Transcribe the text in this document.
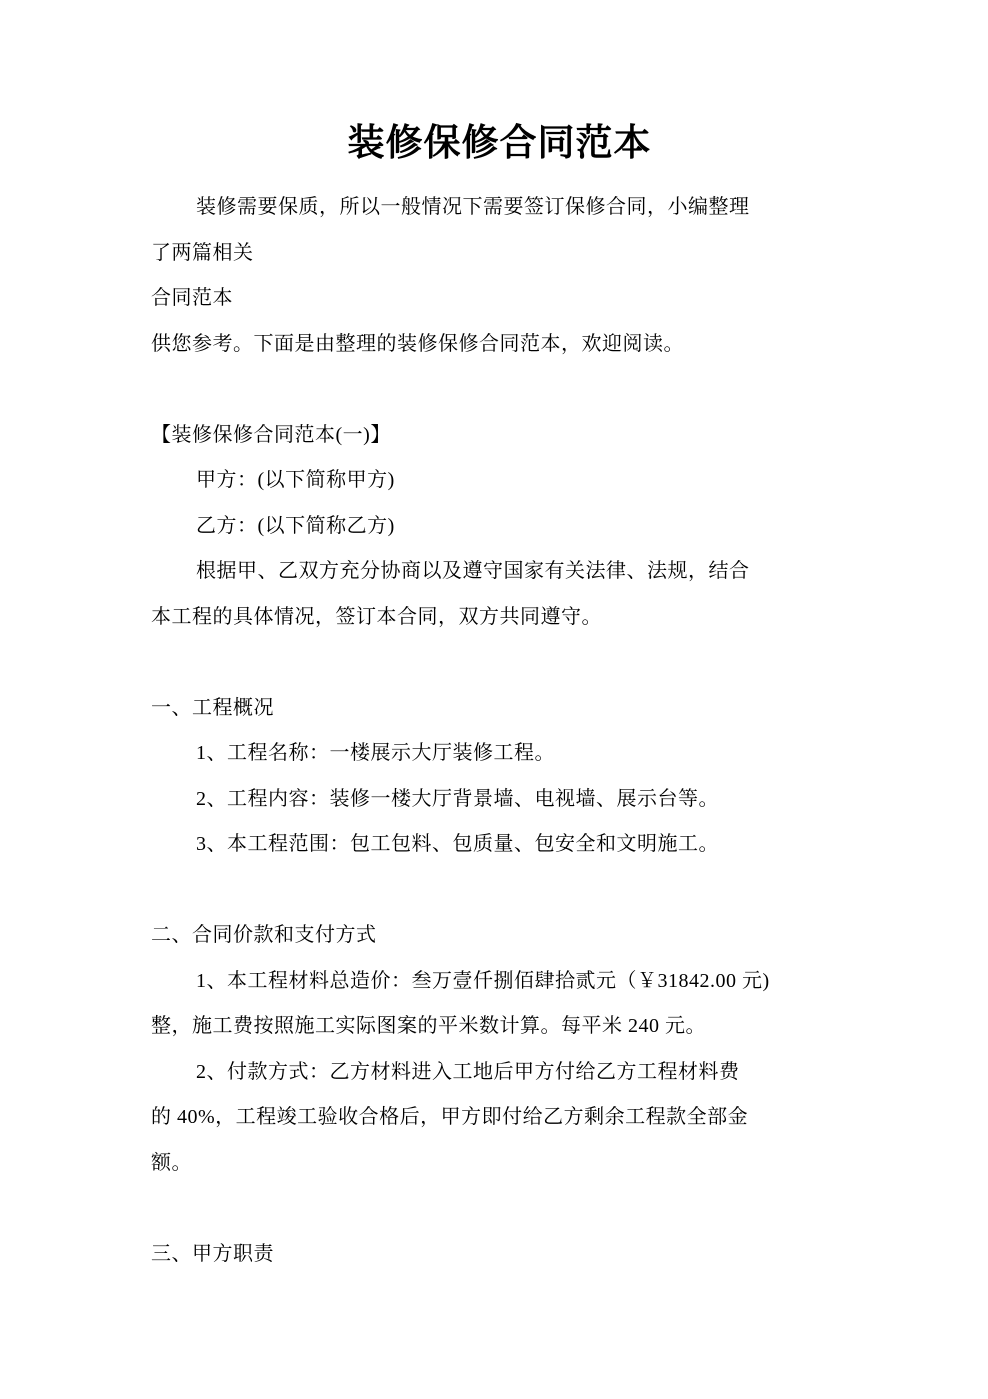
装修保修合同范本
装修需要保质，所以一般情况下需要签订保修合同，小编整理
了两篇相关
合同范本
供您参考。下面是由整理的装修保修合同范本，欢迎阅读。

【装修保修合同范本(一)】
甲方：(以下简称甲方)
乙方：(以下简称乙方)
根据甲、乙双方充分协商以及遵守国家有关法律、法规，结合
本工程的具体情况，签订本合同，双方共同遵守。

一、工程概况
1、工程名称：一楼展示大厅装修工程。
2、工程内容：装修一楼大厅背景墙、电视墙、展示台等。
3、本工程范围：包工包料、包质量、包安全和文明施工。

二、合同价款和支付方式
1、本工程材料总造价：叁万壹仟捌佰肆拾贰元（￥31842.00 元)
整，施工费按照施工实际图案的平米数计算。每平米 240 元。
2、付款方式：乙方材料进入工地后甲方付给乙方工程材料费
的 40%，工程竣工验收合格后，甲方即付给乙方剩余工程款全部金
额。

三、甲方职责
